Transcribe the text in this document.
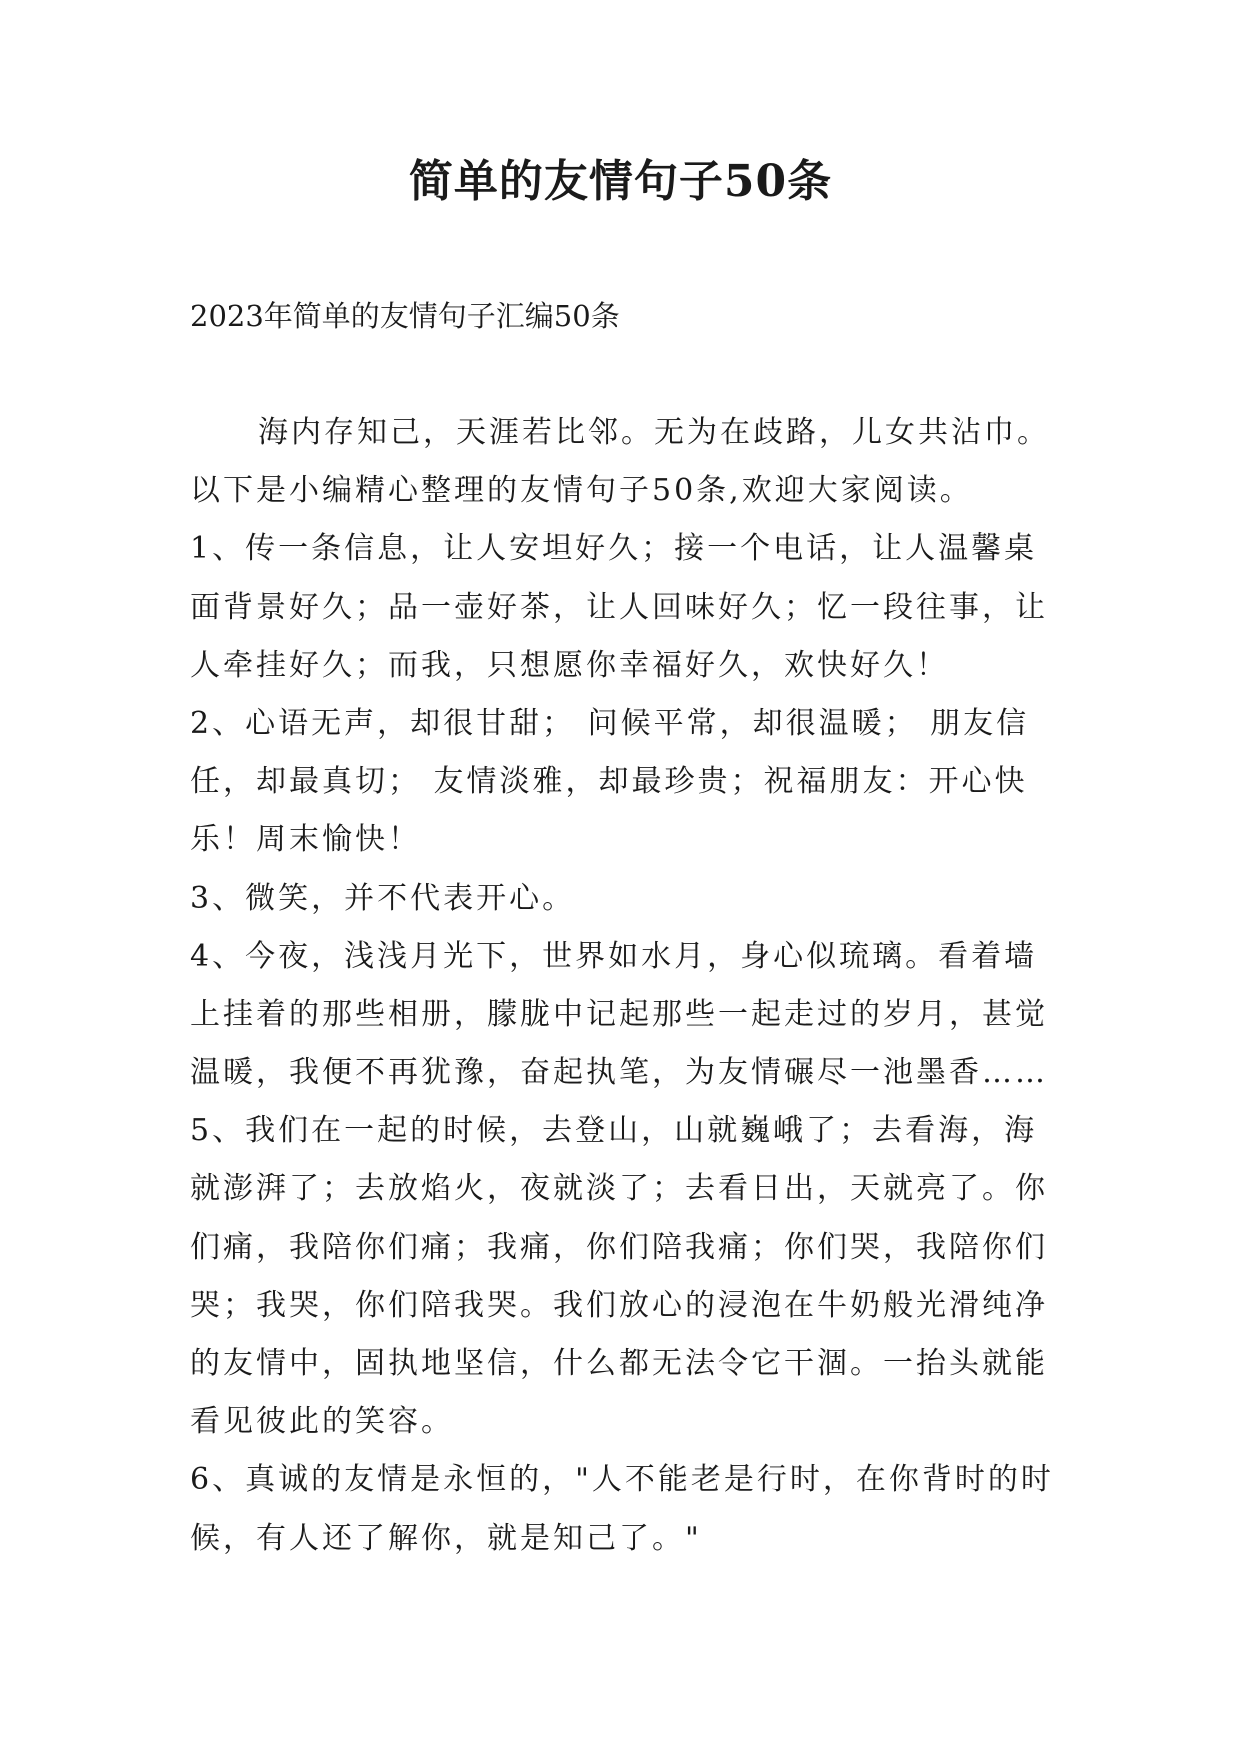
简单的友情句子50条
2023年简单的友情句子汇编50条
海内存知己，天涯若比邻。无为在歧路，儿女共沾巾。
以下是小编精心整理的友情句子50条,欢迎大家阅读。
1、传一条信息，让人安坦好久；接一个电话，让人温馨桌
面背景好久；品一壶好茶，让人回味好久；忆一段往事，让
人牵挂好久；而我，只想愿你幸福好久，欢快好久！
2、心语无声，却很甘甜； 问候平常，却很温暖； 朋友信
任，却最真切； 友情淡雅，却最珍贵；祝福朋友：开心快
乐！周末愉快！
3、微笑，并不代表开心。
4、今夜，浅浅月光下，世界如水月，身心似琉璃。看着墙
上挂着的那些相册，朦胧中记起那些一起走过的岁月，甚觉
温暖，我便不再犹豫，奋起执笔，为友情碾尽一池墨香……
5、我们在一起的时候，去登山，山就巍峨了；去看海，海
就澎湃了；去放焰火，夜就淡了；去看日出，天就亮了。你
们痛，我陪你们痛；我痛，你们陪我痛；你们哭，我陪你们
哭；我哭，你们陪我哭。我们放心的浸泡在牛奶般光滑纯净
的友情中，固执地坚信，什么都无法令它干涸。一抬头就能
看见彼此的笑容。
6、真诚的友情是永恒的，"人不能老是行时，在你背时的时
候，有人还了解你，就是知己了。"
